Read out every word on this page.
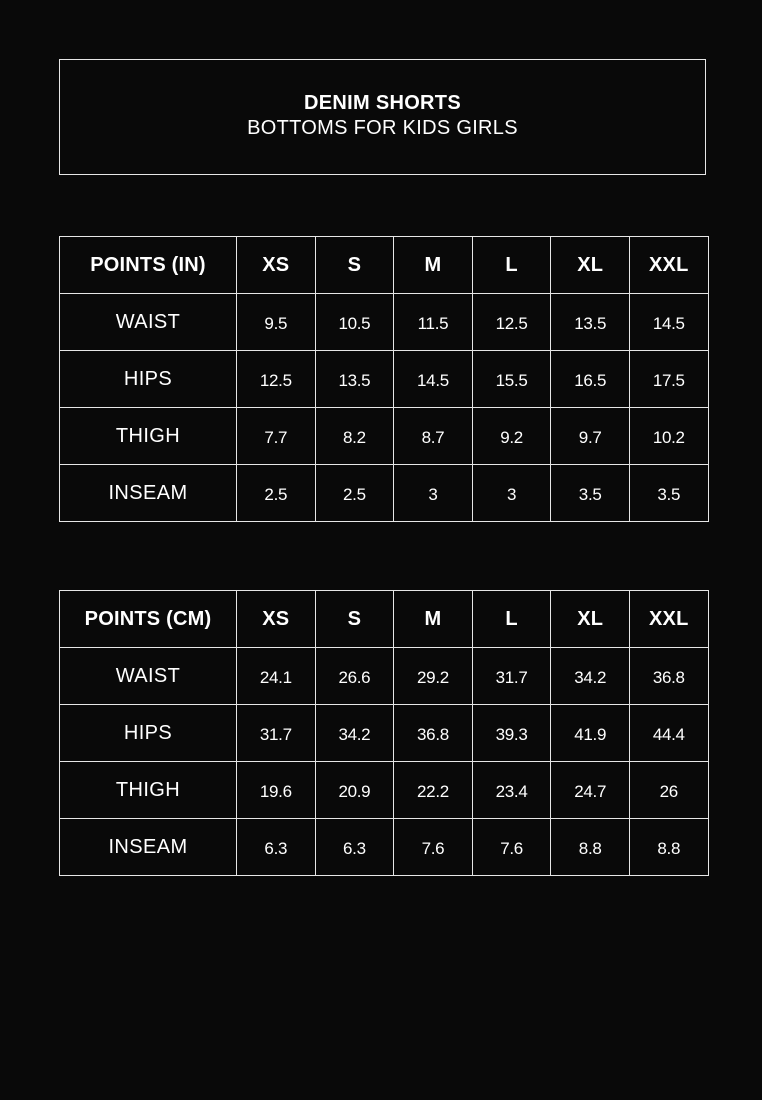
DENIM SHORTS
BOTTOMS FOR KIDS GIRLS
POINTS (IN)	XS	S	M	L	XL	XXL
WAIST	9.5	10.5	11.5	12.5	13.5	14.5
HIPS	12.5	13.5	14.5	15.5	16.5	17.5
THIGH	7.7	8.2	8.7	9.2	9.7	10.2
INSEAM	2.5	2.5	3	3	3.5	3.5
POINTS (CM)	XS	S	M	L	XL	XXL
WAIST	24.1	26.6	29.2	31.7	34.2	36.8
HIPS	31.7	34.2	36.8	39.3	41.9	44.4
THIGH	19.6	20.9	22.2	23.4	24.7	26
INSEAM	6.3	6.3	7.6	7.6	8.8	8.8
